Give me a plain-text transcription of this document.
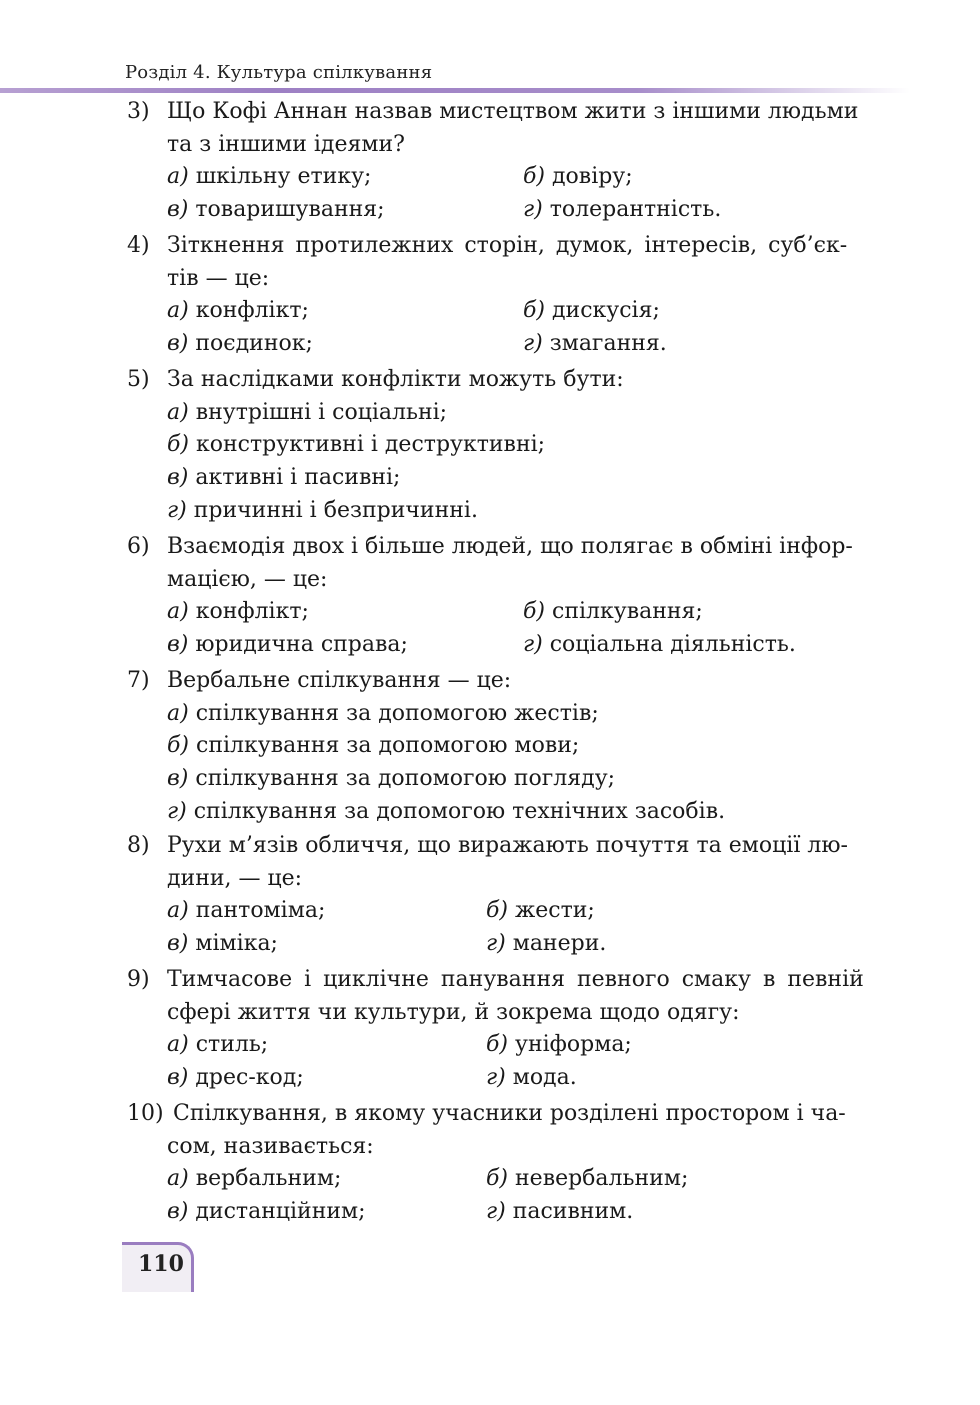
Розділ 4. Культура спілкування
3) Що Кофі Аннан назвав мистецтвом жити з іншими людьми
та з іншими ідеями?
а) шкільну етику;	б) довіру;
в) товаришування;	г) толерантність.
4) Зіткнення протилежних сторін, думок, інтересів, суб’єк-
тів — це:
а) конфлікт;	б) дискусія;
в) поєдинок;	г) змагання.
5) За наслідками конфлікти можуть бути:
а) внутрішні і соціальні;
б) конструктивні і деструктивні;
в) активні і пасивні;
г) причинні і безпричинні.
6) Взаємодія двох і більше людей, що полягає в обміні інфор-
мацією, — це:
а) конфлікт;	б) спілкування;
в) юридична справа;	г) соціальна діяльність.
7) Вербальне спілкування — це:
а) спілкування за допомогою жестів;
б) спілкування за допомогою мови;
в) спілкування за допомогою погляду;
г) спілкування за допомогою технічних засобів.
8) Рухи м’язів обличчя, що виражають почуття та емоції лю-
дини, — це:
а) пантоміма;	б) жести;
в) міміка;	г) манери.
9) Тимчасове і циклічне панування певного смаку в певній
сфері життя чи культури, й зокрема щодо одягу:
а) стиль;	б) уніформа;
в) дрес-код;	г) мода.
10) Спілкування, в якому учасники розділені простором і ча-
сом, називається:
а) вербальним;	б) невербальним;
в) дистанційним;	г) пасивним.
110
